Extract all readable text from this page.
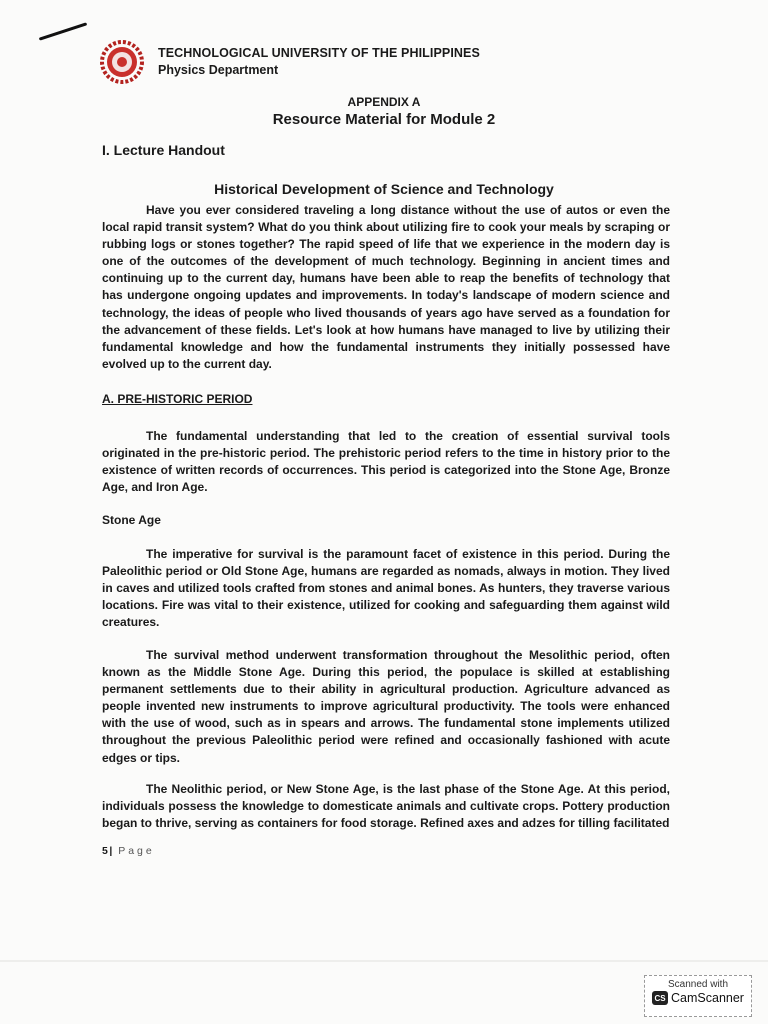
TECHNOLOGICAL UNIVERSITY OF THE PHILIPPINES
Physics Department
APPENDIX A
Resource Material for Module 2
I. Lecture Handout
Historical Development of Science and Technology

Have you ever considered traveling a long distance without the use of autos or even the local rapid transit system? What do you think about utilizing fire to cook your meals by scraping or rubbing logs or stones together? The rapid speed of life that we experience in the modern day is one of the outcomes of the development of much technology. Beginning in ancient times and continuing up to the current day, humans have been able to reap the benefits of technology that has undergone ongoing updates and improvements. In today's landscape of modern science and technology, the ideas of people who lived thousands of years ago have served as a foundation for the advancement of these fields. Let's look at how humans have managed to live by utilizing their fundamental knowledge and how the fundamental instruments they initially possessed have evolved up to the current day.

A. PRE-HISTORIC PERIOD

The fundamental understanding that led to the creation of essential survival tools originated in the pre-historic period. The prehistoric period refers to the time in history prior to the existence of written records of occurrences. This period is categorized into the Stone Age, Bronze Age, and Iron Age.

Stone Age

The imperative for survival is the paramount facet of existence in this period. During the Paleolithic period or Old Stone Age, humans are regarded as nomads, always in motion. They lived in caves and utilized tools crafted from stones and animal bones. As hunters, they traverse various locations. Fire was vital to their existence, utilized for cooking and safeguarding them against wild creatures.

The survival method underwent transformation throughout the Mesolithic period, often known as the Middle Stone Age. During this period, the populace is skilled at establishing permanent settlements due to their ability in agricultural production. Agriculture advanced as people invented new instruments to improve agricultural productivity. The tools were enhanced with the use of wood, such as in spears and arrows. The fundamental stone implements utilized throughout the previous Paleolithic period were refined and occasionally fashioned with acute edges or tips.

The Neolithic period, or New Stone Age, is the last phase of the Stone Age. At this period, individuals possess the knowledge to domesticate animals and cultivate crops. Pottery production began to thrive, serving as containers for food storage. Refined axes and adzes for tilling facilitated

5| Page
Scanned with
CS CamScanner
